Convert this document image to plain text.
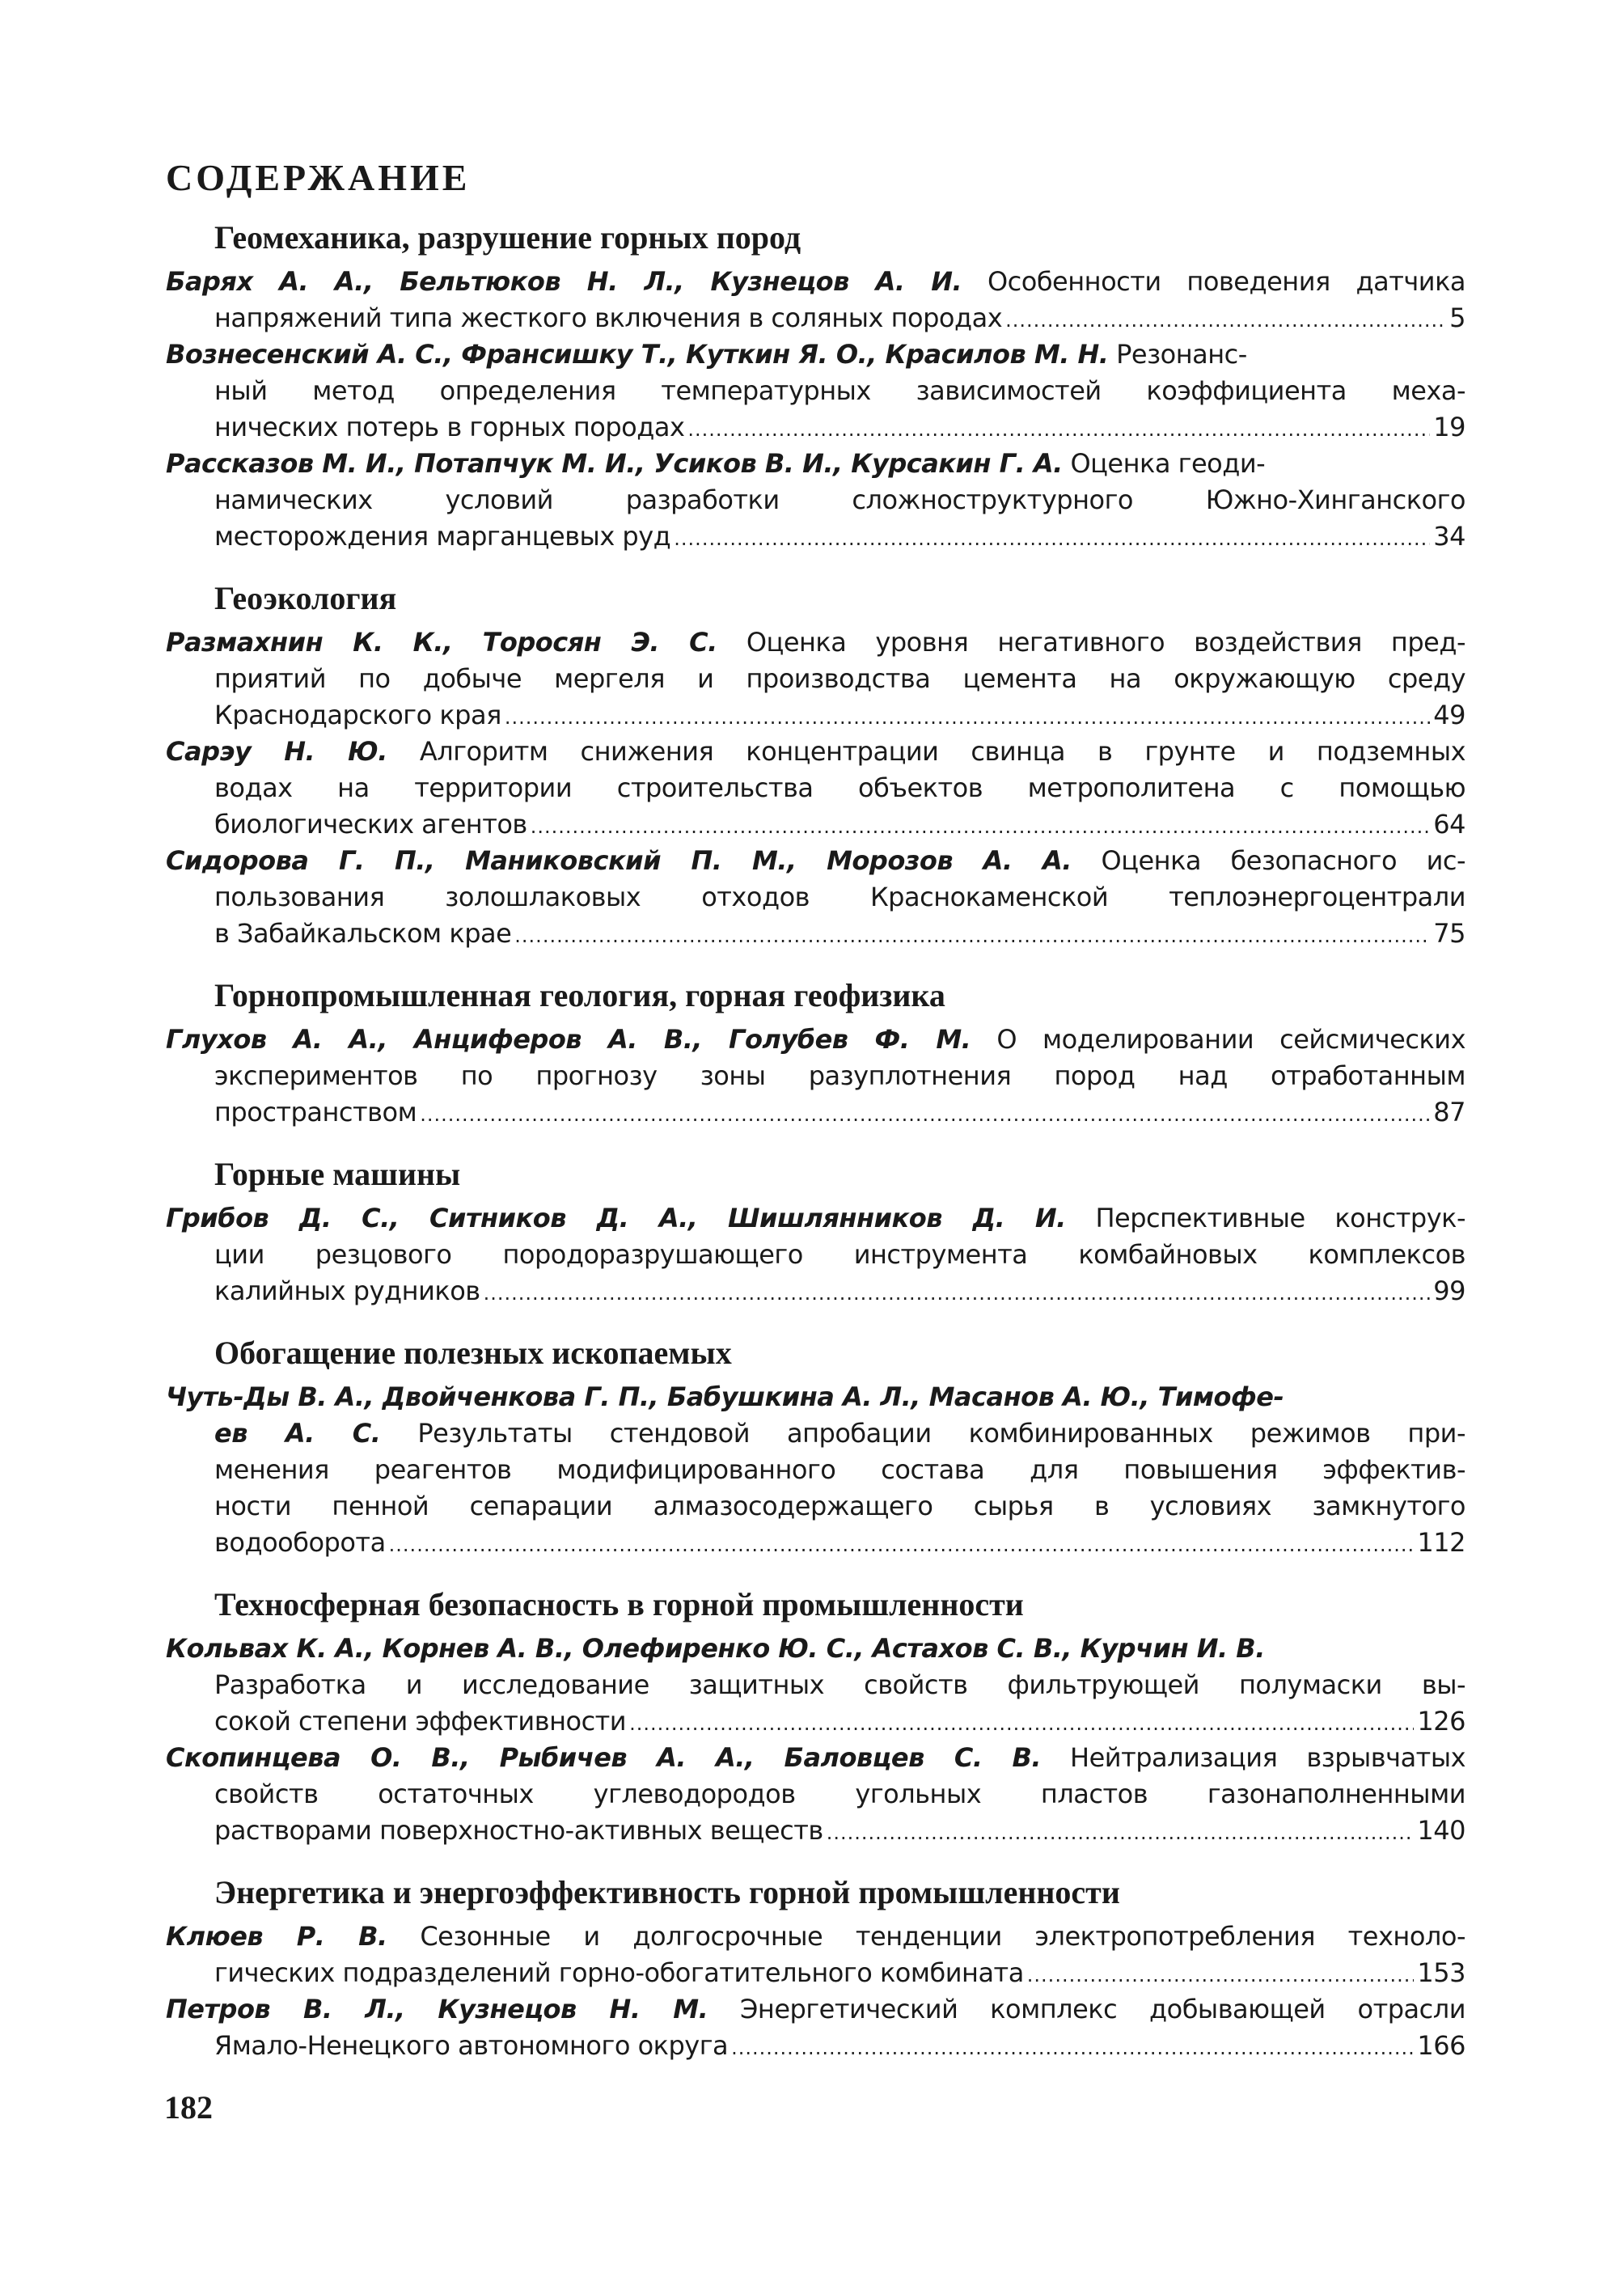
СОДЕРЖАНИЕ
Геомеханика, разрушение горных пород
Барях А. А., Бельтюков Н. Л., Кузнецов А. И. Особенности поведения датчика
напряжений типа жесткого включения в соляных породах .....	5
Вознесенский А. С., Франсишку Т., Куткин Я. О., Красилов М. Н. Резонанс-
ный метод определения температурных зависимостей коэффициента меха-
нических потерь в горных породах .....	19
Рассказов М. И., Потапчук М. И., Усиков В. И., Курсакин Г. А. Оценка геоди-
намических условий разработки сложноструктурного Южно-Хинганского
месторождения марганцевых руд .....	34
Геоэкология
Размахнин К. К., Торосян Э. С. Оценка уровня негативного воздействия пред-
приятий по добыче мергеля и производства цемента на окружающую среду
Краснодарского края .....	49
Сарэу Н. Ю. Алгоритм снижения концентрации свинца в грунте и подземных
водах на территории строительства объектов метрополитена с помощью
биологических агентов .....	64
Сидорова Г. П., Маниковский П. М., Морозов А. А. Оценка безопасного ис-
пользования золошлаковых отходов Краснокаменской теплоэнергоцентрали
в Забайкальском крае .....	75
Горнопромышленная геология, горная геофизика
Глухов А. А., Анциферов А. В., Голубев Ф. М. О моделировании сейсмических
экспериментов по прогнозу зоны разуплотнения пород над отработанным
пространством .....	87
Горные машины
Грибов Д. С., Ситников Д. А., Шишлянников Д. И. Перспективные конструк-
ции резцового породоразрушающего инструмента комбайновых комплексов
калийных рудников .....	99
Обогащение полезных ископаемых
Чуть-Ды В. А., Двойченкова Г. П., Бабушкина А. Л., Масанов А. Ю., Тимофе-
ев А. С. Результаты стендовой апробации комбинированных режимов при-
менения реагентов модифицированного состава для повышения эффектив-
ности пенной сепарации алмазосодержащего сырья в условиях замкнутого
водооборота .....	112
Техносферная безопасность в горной промышленности
Кольвах К. А., Корнев А. В., Олефиренко Ю. С., Астахов С. В., Курчин И. В.
Разработка и исследование защитных свойств фильтрующей полумаски вы-
сокой степени эффективности .....	126
Скопинцева О. В., Рыбичев А. А., Баловцев С. В. Нейтрализация взрывчатых
свойств остаточных углеводородов угольных пластов газонаполненными
растворами поверхностно-активных веществ .....	140
Энергетика и энергоэффективность горной промышленности
Клюев Р. В. Сезонные и долгосрочные тенденции электропотребления техноло-
гических подразделений горно-обогатительного комбината .....	153
Петров В. Л., Кузнецов Н. М. Энергетический комплекс добывающей отрасли
Ямало-Ненецкого автономного округа .....	166
182
